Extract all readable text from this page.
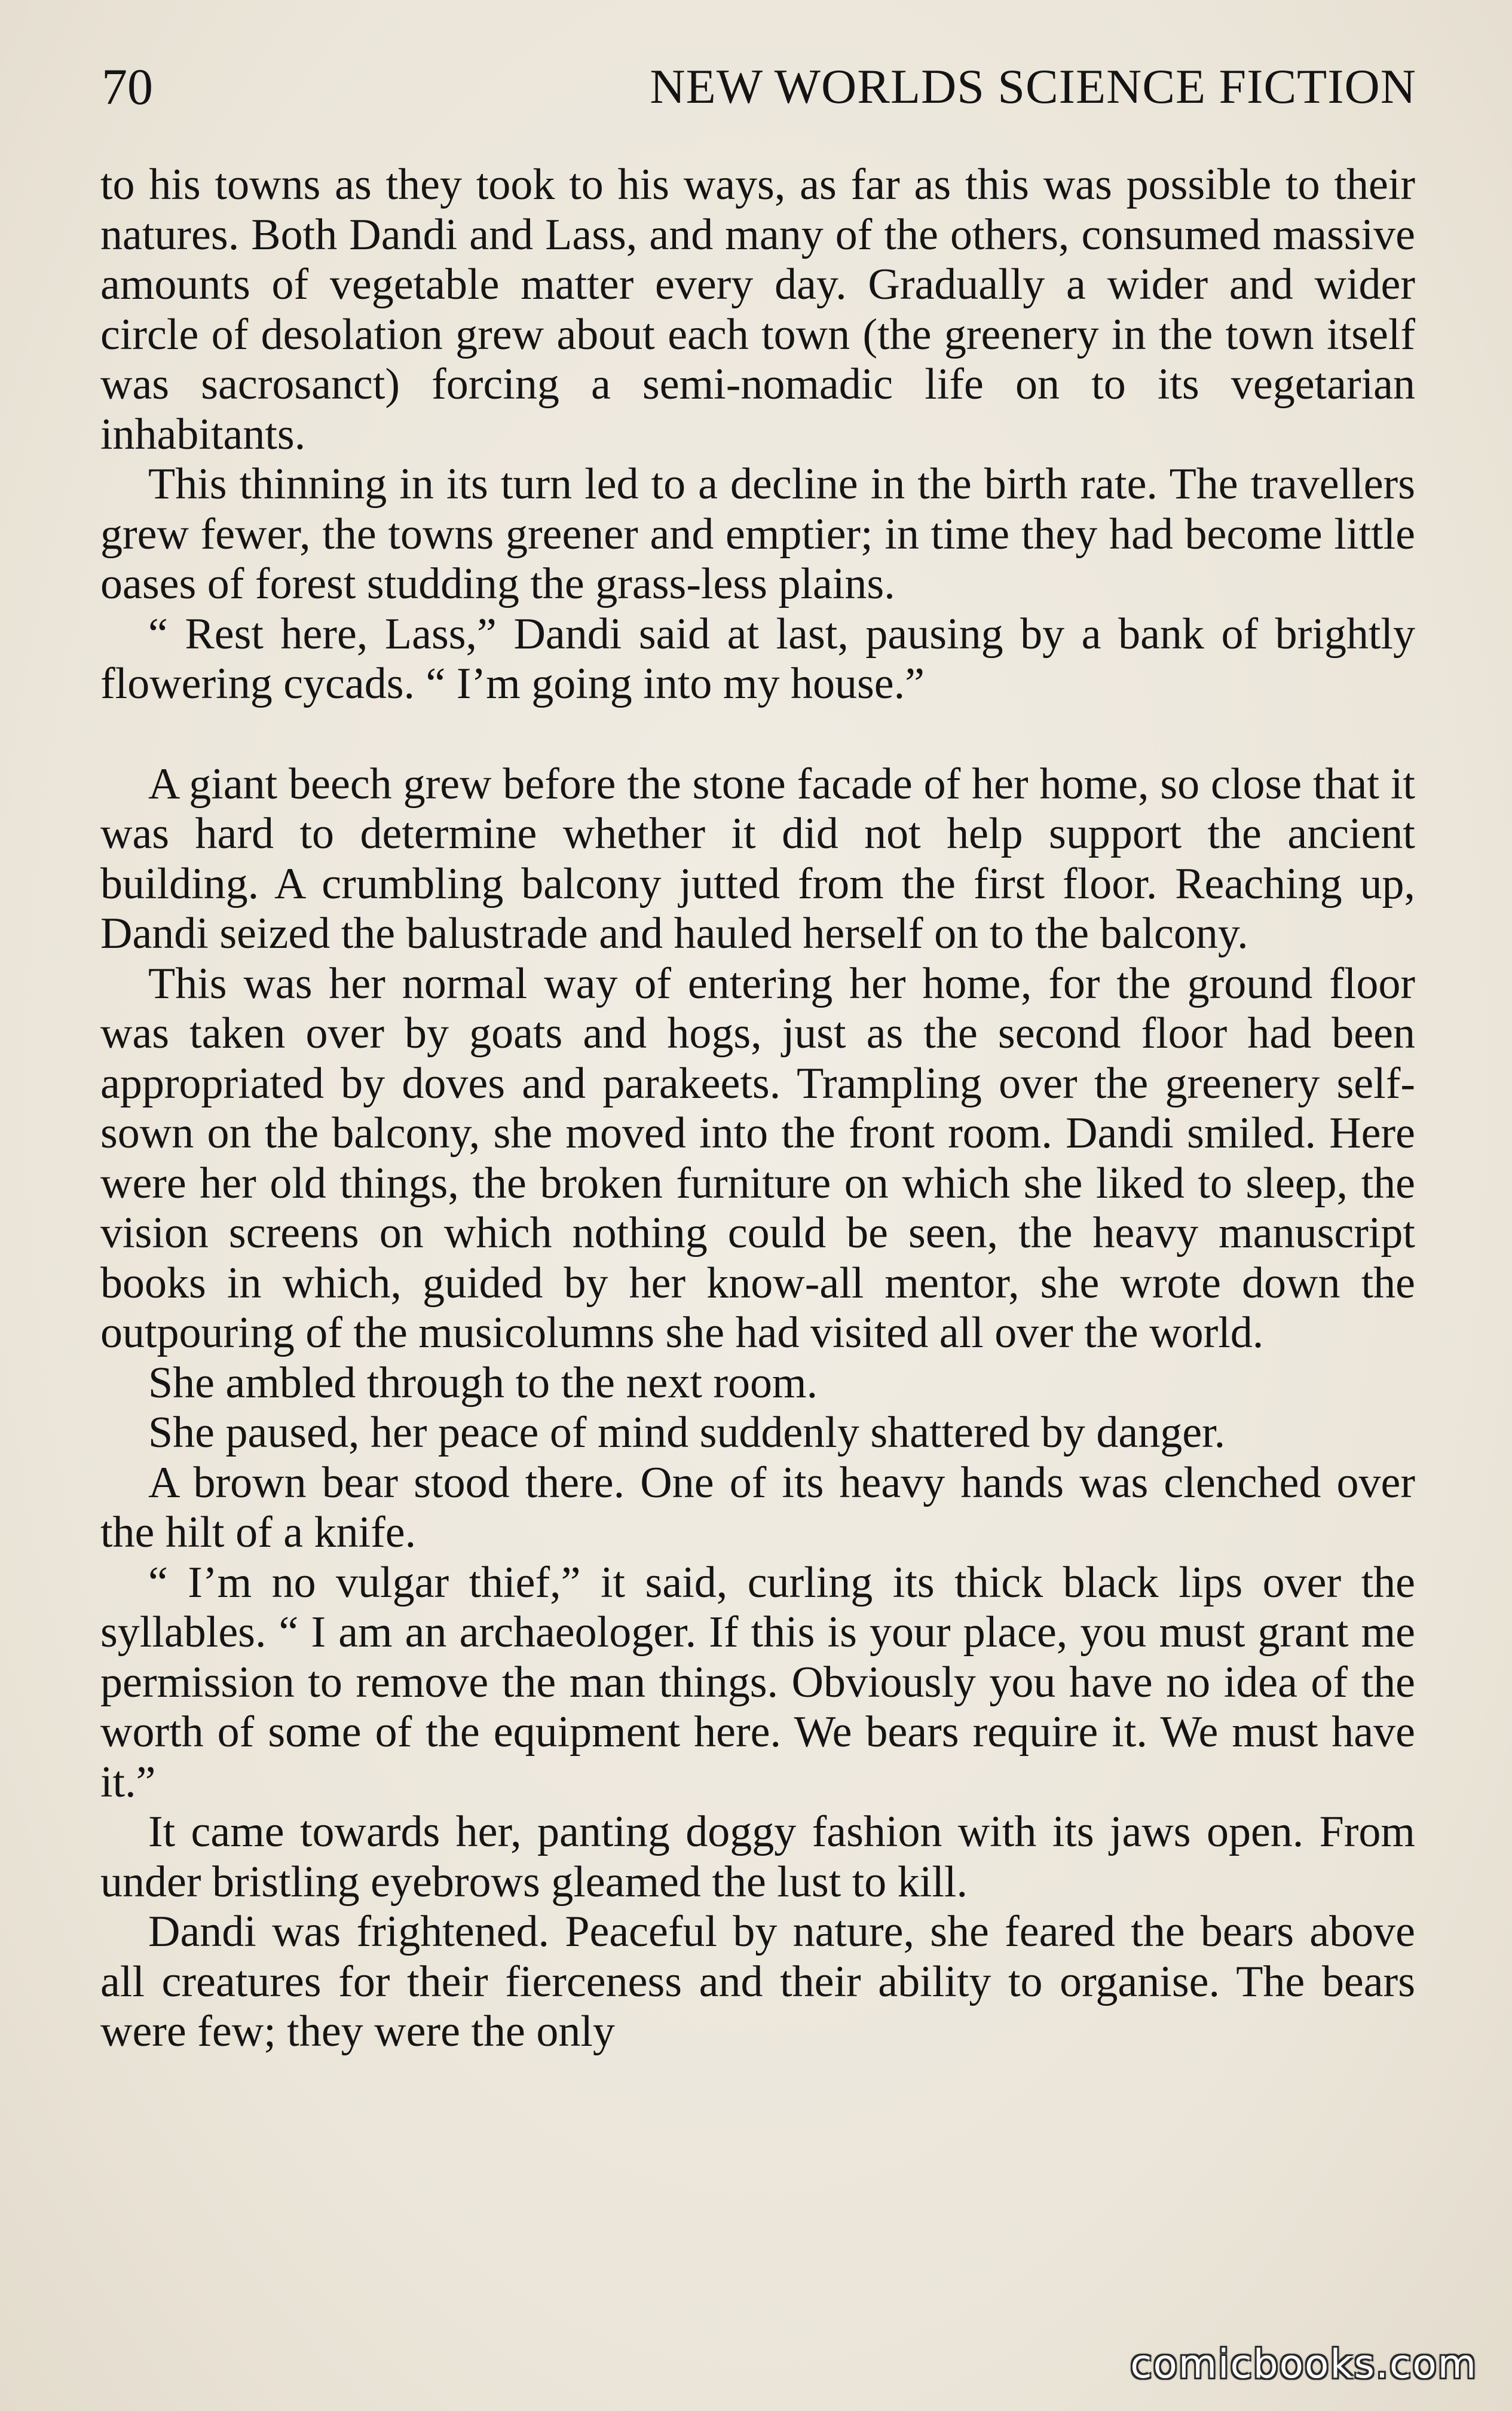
70	NEW WORLDS SCIENCE FICTION

to his towns as they took to his ways, as far as this was possible to their natures. Both Dandi and Lass, and many of the others, consumed massive amounts of vegetable matter every day. Gradually a wider and wider circle of desolation grew about each town (the greenery in the town itself was sacrosanct) forcing a semi-nomadic life on to its vegetarian inhabitants.

This thinning in its turn led to a decline in the birth rate. The travellers grew fewer, the towns greener and emptier; in time they had become little oases of forest studding the grass-less plains.

“ Rest here, Lass,” Dandi said at last, pausing by a bank of brightly flowering cycads. “ I’m going into my house.”

A giant beech grew before the stone facade of her home, so close that it was hard to determine whether it did not help support the ancient building. A crumbling balcony jutted from the first floor. Reaching up, Dandi seized the balustrade and hauled herself on to the balcony.

This was her normal way of entering her home, for the ground floor was taken over by goats and hogs, just as the second floor had been appropriated by doves and parakeets. Trampling over the greenery self-sown on the balcony, she moved into the front room. Dandi smiled. Here were her old things, the broken furniture on which she liked to sleep, the vision screens on which nothing could be seen, the heavy manuscript books in which, guided by her know-all mentor, she wrote down the outpouring of the musicolumns she had visited all over the world.

She ambled through to the next room.

She paused, her peace of mind suddenly shattered by danger.

A brown bear stood there. One of its heavy hands was clenched over the hilt of a knife.

“ I’m no vulgar thief,” it said, curling its thick black lips over the syllables. “ I am an archaeologer. If this is your place, you must grant me permission to remove the man things. Obviously you have no idea of the worth of some of the equipment here. We bears require it. We must have it.”

It came towards her, panting doggy fashion with its jaws open. From under bristling eyebrows gleamed the lust to kill.

Dandi was frightened. Peaceful by nature, she feared the bears above all creatures for their fierceness and their ability to organise. The bears were few; they were the only

comicbooks.com
